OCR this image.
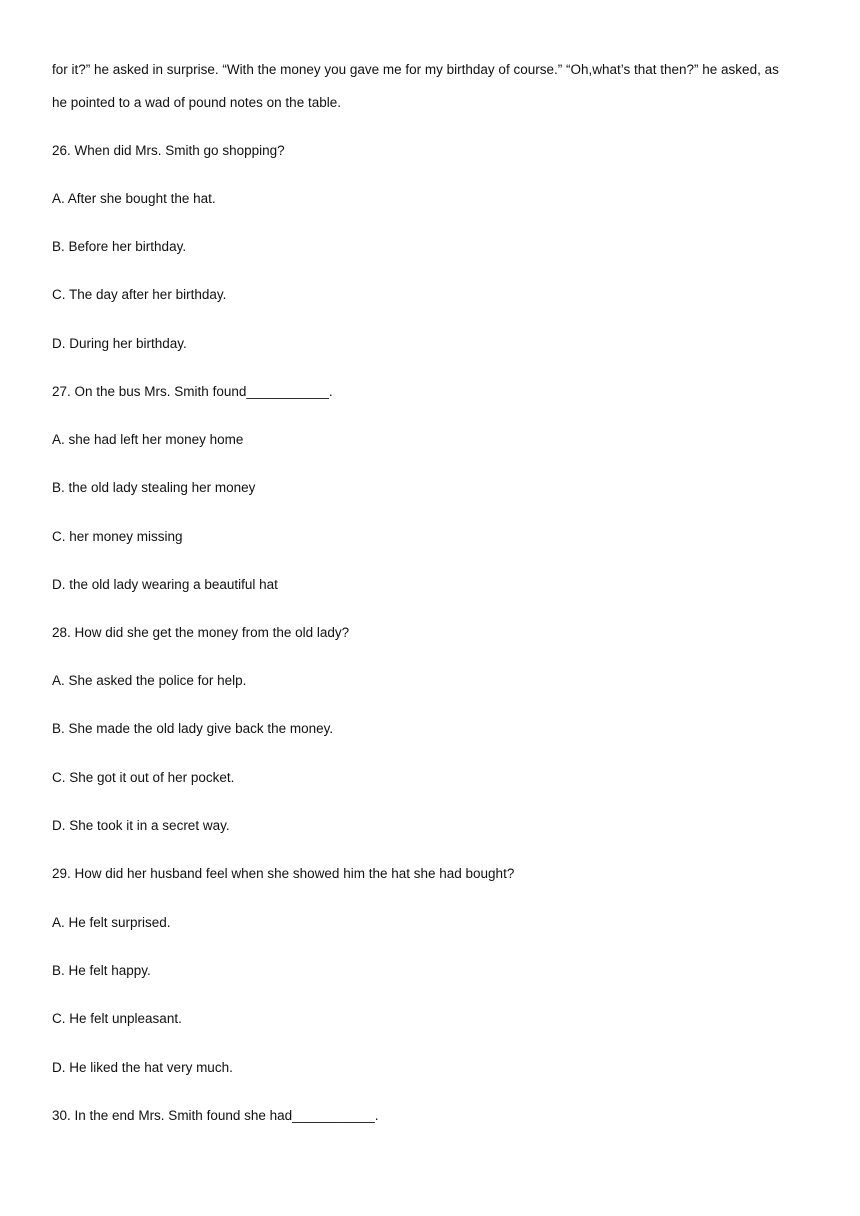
for it?” he asked in surprise. “With the money you gave me for my birthday of course.” “Oh,what’s that then?” he asked, as
he pointed to a wad of pound notes on the table.
26. When did Mrs. Smith go shopping?
A. After she bought the hat.
B. Before her birthday.
C. The day after her birthday.
D. During her birthday.
27. On the bus Mrs. Smith found___________.
A. she had left her money home
B. the old lady stealing her money
C. her money missing
D. the old lady wearing a beautiful hat
28. How did she get the money from the old lady?
A. She asked the police for help.
B. She made the old lady give back the money.
C. She got it out of her pocket.
D. She took it in a secret way.
29. How did her husband feel when she showed him the hat she had bought?
A. He felt surprised.
B. He felt happy.
C. He felt unpleasant.
D. He liked the hat very much.
30. In the end Mrs. Smith found she had___________.
